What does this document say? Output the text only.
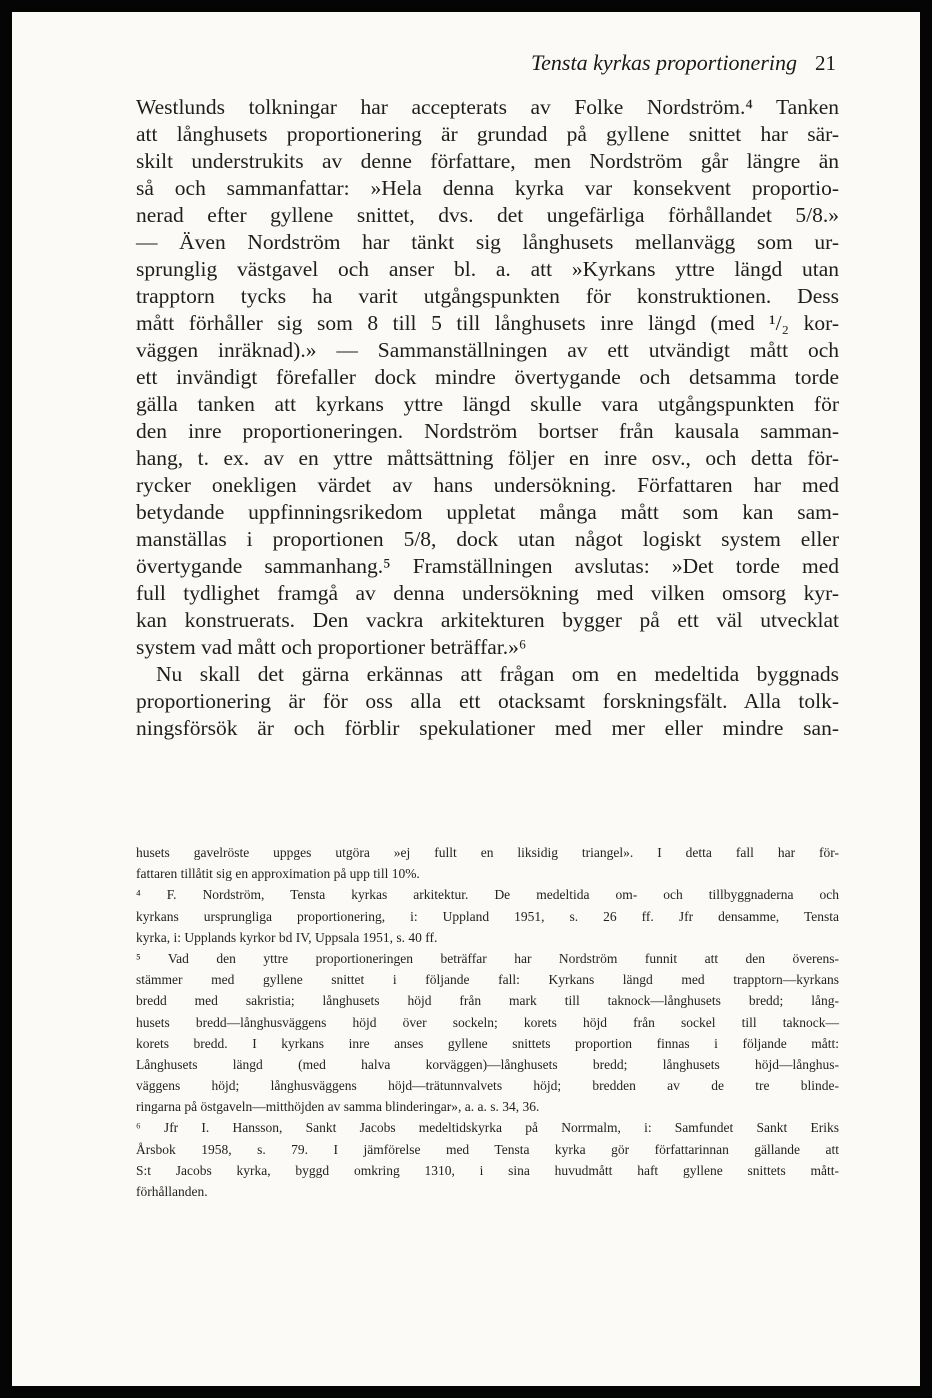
Tensta kyrkas proportionering 21
Westlunds tolkningar har accepterats av Folke Nordström.⁴ Tanken
att långhusets proportionering är grundad på gyllene snittet har sär-
skilt understrukits av denne författare, men Nordström går längre än
så och sammanfattar: »Hela denna kyrka var konsekvent proportio-
nerad efter gyllene snittet, dvs. det ungefärliga förhållandet 5/8.»
— Även Nordström har tänkt sig långhusets mellanvägg som ur-
sprunglig västgavel och anser bl. a. att »Kyrkans yttre längd utan
trapptorn tycks ha varit utgångspunkten för konstruktionen. Dess
mått förhåller sig som 8 till 5 till långhusets inre längd (med ¹/₂ kor-
väggen inräknad).» — Sammanställningen av ett utvändigt mått och
ett invändigt förefaller dock mindre övertygande och detsamma torde
gälla tanken att kyrkans yttre längd skulle vara utgångspunkten för
den inre proportioneringen. Nordström bortser från kausala samman-
hang, t. ex. av en yttre måttsättning följer en inre osv., och detta för-
rycker onekligen värdet av hans undersökning. Författaren har med
betydande uppfinningsrikedom uppletat många mått som kan sam-
manställas i proportionen 5/8, dock utan något logiskt system eller
övertygande sammanhang.⁵ Framställningen avslutas: »Det torde med
full tydlighet framgå av denna undersökning med vilken omsorg kyr-
kan konstruerats. Den vackra arkitekturen bygger på ett väl utvecklat
system vad mått och proportioner beträffar.»⁶
Nu skall det gärna erkännas att frågan om en medeltida byggnads
proportionering är för oss alla ett otacksamt forskningsfält. Alla tolk-
ningsförsök är och förblir spekulationer med mer eller mindre san-
husets gavelröste uppges utgöra »ej fullt en liksidig triangel». I detta fall har för-
fattaren tillåtit sig en approximation på upp till 10%.
⁴ F. Nordström, Tensta kyrkas arkitektur. De medeltida om- och tillbyggnaderna och
kyrkans ursprungliga proportionering, i: Uppland 1951, s. 26 ff. Jfr densamme, Tensta
kyrka, i: Upplands kyrkor bd IV, Uppsala 1951, s. 40 ff.
⁵ Vad den yttre proportioneringen beträffar har Nordström funnit att den överens-
stämmer med gyllene snittet i följande fall: Kyrkans längd med trapptorn—kyrkans
bredd med sakristia; långhusets höjd från mark till taknock—långhusets bredd; lång-
husets bredd—långhusväggens höjd över sockeln; korets höjd från sockel till taknock—
korets bredd. I kyrkans inre anses gyllene snittets proportion finnas i följande mått:
Långhusets längd (med halva korväggen)—långhusets bredd; långhusets höjd—långhus-
väggens höjd; långhusväggens höjd—trätunnvalvets höjd; bredden av de tre blinde-
ringarna på östgaveln—mitthöjden av samma blinderingar», a. a. s. 34, 36.
⁶ Jfr I. Hansson, Sankt Jacobs medeltidskyrka på Norrmalm, i: Samfundet Sankt Eriks
Årsbok 1958, s. 79. I jämförelse med Tensta kyrka gör författarinnan gällande att
S:t Jacobs kyrka, byggd omkring 1310, i sina huvudmått haft gyllene snittets mått-
förhållanden.
